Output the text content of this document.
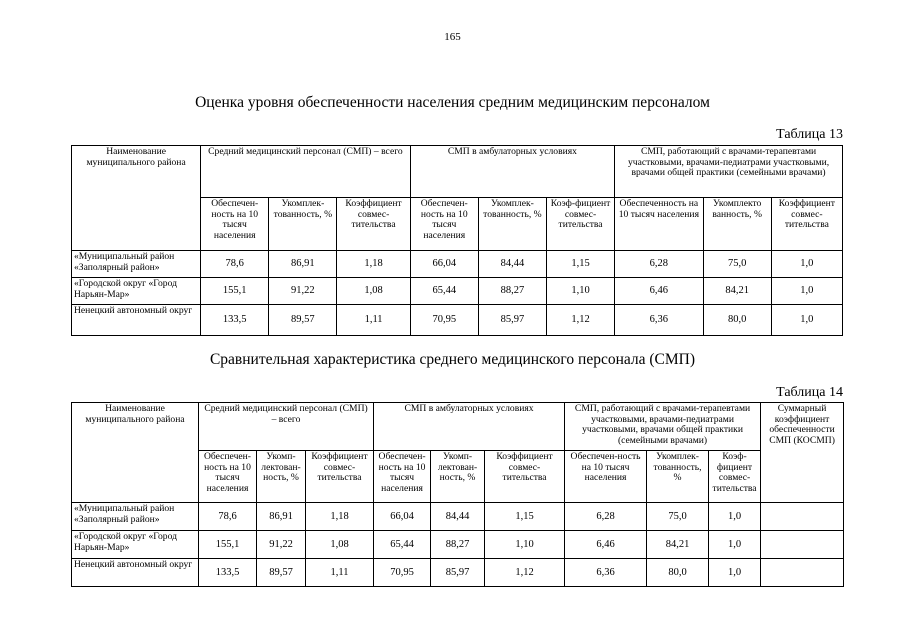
165
Оценка уровня обеспеченности населения средним медицинским персоналом
Таблица 13
Наименование муниципального района	Средний медицинский персонал (СМП) – всего			СМП в амбулаторных условиях			СМП, работающий с врачами-терапевтами участковыми, врачами-педиатрами участковыми, врачами общей практики (семейными врачами)		
	Обеспечен-ность на 10 тысяч населения	Укомплек-тованность, %	Коэффициент совмес-тительства	Обеспечен-ность на 10 тысяч населения	Укомплек-тованность, %	Коэф-фициент совмес-тительства	Обеспеченность на 10 тысяч населения	Укомплекто ванность, %	Коэффициент совмес-тительства
«Муниципальный район «Заполярный район»	78,6	86,91	1,18	66,04	84,44	1,15	6,28	75,0	1,0
«Городской округ «Город Нарьян-Мар»	155,1	91,22	1,08	65,44	88,27	1,10	6,46	84,21	1,0
Ненецкий автономный округ	133,5	89,57	1,11	70,95	85,97	1,12	6,36	80,0	1,0
Сравнительная характеристика среднего медицинского персонала (СМП)
Таблица 14
Наименование муниципального района	Средний медицинский персонал (СМП) – всего			СМП в амбулаторных условиях			СМП, работающий с врачами-терапевтами участковыми, врачами-педиатрами участковыми, врачами общей практики (семейными врачами)			Суммарный коэффициент обеспеченности СМП (КОСМП)
	Обеспечен-ность на 10 тысяч населения	Укомп-лектован-ность, %	Коэффициент совмес-тительства	Обеспечен-ность на 10 тысяч населения	Укомп-лектован-ность, %	Коэффициент совмес-тительства	Обеспечен-ность на 10 тысяч населения	Укомплек-тованность, %	Коэф-фициент совмес-тительства	
«Муниципальный район «Заполярный район»	78,6	86,91	1,18	66,04	84,44	1,15	6,28	75,0	1,0	
«Городской округ «Город Нарьян-Мар»	155,1	91,22	1,08	65,44	88,27	1,10	6,46	84,21	1,0	
Ненецкий автономный округ	133,5	89,57	1,11	70,95	85,97	1,12	6,36	80,0	1,0	
